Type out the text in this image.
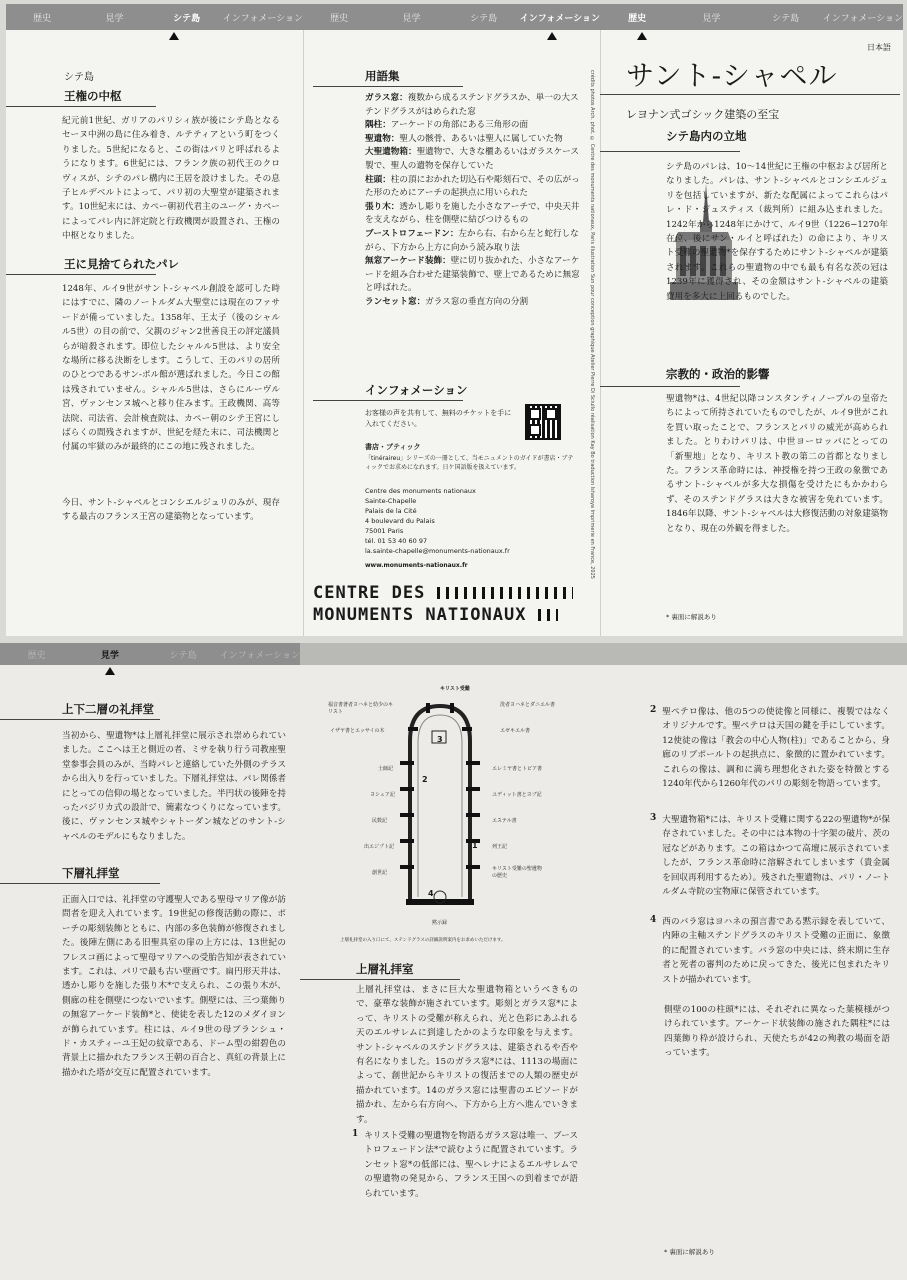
歴史	見学	シテ島	インフォメーション	歴史	見学	シテ島	インフォメーション	歴史	見学	シテ島	インフォメーション
シテ島
王権の中枢

紀元前1世紀、ガリアのパリシィ族が後にシテ島となるセーヌ中洲の島に住み着き、ルテティアという町をつくりました。5世紀になると、この街はパリと呼ばれるようになります。6世紀には、フランク族の初代王のクロヴィスが、シテのパレ構内に王居を設けました。その息子ヒルデベルトによって、パリ初の大聖堂が建築されます。10世紀末には、カペー朝初代君主のユーグ・カペーによってパレ内に評定院と行政機関が設置され、王権の中枢となりました。

王に見捨てられたパレ

1248年、ルイ9世がサント-シャペル創設を認可した時にはすでに、隣のノートルダム大聖堂には現在のファサードが備っていました。1358年、王太子（後のシャルル5世）の目の前で、父親のジャン2世善良王の評定議員らが暗殺されます。即位したシャルル5世は、より安全な場所に移る決断をします。こうして、王のパリの居所のひとつであるサン-ポル館が選ばれました。今日この館は残されていません。シャルル5世は、さらにルーヴル宮、ヴァンセンヌ城へと移り住みます。王政機関、高等法院、司法省、会計検査院は、カペー朝のシテ王宮にしばらくの間残されますが、世紀を経た末に、司法機関と付属の牢獄のみが最終的にこの地に残されました。

今日、サント-シャペルとコンシエルジュリのみが、現存する最古のフランス王宮の建築物となっています。

用語集

ガラス窓：複数から成るステンドグラスか、単一の大ステンドグラスがはめられた窓

隅柱：アーケードの角部にある三角形の面

聖遺物：聖人の骸骨、あるいは聖人に属していた物

大聖遺物箱：聖遺物で、大きな櫃あるいはガラスケース製で、聖人の遺物を保存していた

柱頭：柱の頂におかれた切込石や彫刻石で、その広がった形のためにアーチの起拱点に用いられた

張り木：透かし彫りを施した小さなアーチで、中央天井を支えながら、柱を側壁に結びつけるもの

ブーストロフェードン：左から右、右から左と蛇行しながら、下方から上方に向かう読み取り法

無窓アーケード装飾：壁に切り抜かれた、小さなアーケードを組み合わせた建築装飾で、壁上であるために無窓と呼ばれた。

ランセット窓：ガラス窓の垂直方向の分割

インフォメーション
お客様の声を共有して、無料のチケットを手に入れてください。
書店・ブティック
「tinéraireu」シリーズの一冊として、当モニュメントのガイドが書店・ブティックでお求めになれます。日ケ国語版を扱えています。
Centre des monuments nationaux
Sainte-Chapelle
Palais de la Cité
4 boulevard du Palais
75001 Paris
tél. 01 53 40 60 97
la.sainte-chapelle@monuments-nationaux.fr
www.monuments-nationaux.fr
CENTRE DES
MONUMENTS NATIONAUX
crédits photos Arch. phot. © Centre des monuments nationaux, Paris illustration Sun pour conception graphique Atelier Pierre Di Sciullo réalisation Kay Bo traduction Isharoya Imprimerie en France, 2025
日本語
サント-シャペル
レヨナン式ゴシック建築の至宝
シテ島内の立地

シテ島のパレは、10～14世紀に王権の中枢および居所となりました。パレは、サント-シャペルとコンシエルジュリを包括していますが、新たな配属によってこれらはパレ・ド・ジュスティス（裁判所）に組み込まれました。1242年から1248年にかけて、ルイ9世（1226−1270年在位、後にサン・ルイと呼ばれた）の命により、キリスト受難の聖遺物*を保存するためにサント-シャペルが建築されます。これらの聖遺物の中でも最も有名な茨の冠は1239年に獲得され、その金額はサント-シャペルの建築費用を多大に上回るものでした。

宗教的・政治的影響

聖遺物*は、4世紀以降コンスタンティノープルの皇帝たちによって所持されていたものでしたが、ルイ9世がこれを買い取ったことで、フランスとパリの威光が高められました。とりわけパリは、中世ヨーロッパにとっての「新聖地」となり、キリスト教の第二の首都となりました。フランス革命時には、神授権を持つ王政の象徴であるサント-シャペルが多大な損傷を受けたにもかかわらず、そのステンドグラスは大きな被害を免れています。1846年以降、サント-シャペルは大修復活動の対象建築物となり、現在の外観を得ました。

* 裏面に解説あり
歴史	見学	シテ島	インフォメーション
上下二層の礼拝堂

当初から、聖遺物*は上層礼拝堂に展示され崇められていました。ここへは王と側近の者、ミサを執り行う司教座聖堂参事会員のみが、当時パレと連絡していた外側のテラスから出入りを行っていました。下層礼拝堂は、パレ関係者にとっての信仰の場となっていました。半円状の後陣を持ったバジリカ式の設計で、簡素なつくりになっています。後に、ヴァンセンヌ城やシャトーダン城などのサント-シャペルのモデルにもなりました。

下層礼拝堂

正面入口では、礼拝堂の守護聖人である聖母マリア像が訪問者を迎え入れています。19世紀の修復活動の際に、ポーチの彫刻装飾とともに、内部の多色装飾が修復されました。後陣左側にある旧聖具室の扉の上方には、13世紀のフレスコ画によって聖母マリアへの受胎告知が表されています。これは、パリで最も古い壁画です。扁円形天井は、透かし彫りを施した張り木*で支えられ、この張り木が、側廊の柱を側壁につないでいます。側壁には、三つ葉飾りの無窓アーケード装飾*と、使徒を表した12のメダイヨンが飾られています。柱には、ルイ9世の母ブランシュ・ド・カスティーユ王妃の紋章である、ドーム型の紺碧色の背景上に描かれたフランス王朝の百合と、真紅の背景上に描かれた塔が交互に配置されています。

キリスト受難
福音書著者ヨハネと幼少のキリスト
イザヤ書とエッサイの木
洗者ヨハネとダニエル書
エゼキエル書
士師記
ヨシュア記
民数記
出エジプト記
創世記
エレミヤ書とトビア書
ユディット書とヨブ記
エステル書
列王記
キリスト受難の聖遺物の歴史
黙示録
1
2
3
4
上層礼拝堂の入り口にて、ステンドグラスの詳細説明案内をお求めいただけます。
上層礼拝室

上層礼拝堂は、まさに巨大な聖遺物箱というべきもので、豪華な装飾が施されています。彫刻とガラス窓*によって、キリストの受難が称えられ、光と色彩にあふれる天のエルサレムに到達したかのような印象を与えます。サント-シャペルのステンドグラスは、建築されるや否や有名になりました。15のガラス窓*には、1113の場面によって、創世記からキリストの復活までの人類の歴史が描かれています。14のガラス窓には聖書のエピソードが描かれ、左から右方向へ、下方から上方へ進んでいきます。

1 キリスト受難の聖遺物を物語るガラス窓は唯一、ブーストロフェードン法*で読むように配置されています。ランセット窓*の低部には、聖ヘレナによるエルサレムでの聖遺物の発見から、フランス王国への到着までが語られています。

2 聖ペテロ像は、他の5つの使徒像と同様に、複製ではなくオリジナルです。聖ペテロは天国の鍵を手にしています。12使徒の像は「教会の中心人物(柱)」であることから、身廊のリブポールトの起拱点に、象徴的に置かれています。これらの像は、調和に満ち理想化された姿を特徴とする1240年代から1260年代のパリの彫刻を物語っています。

3 大聖遺物箱*には、キリスト受難に関する22の聖遺物*が保存されていました。その中には本物の十字架の破片、茨の冠などがあります。この箱はかつて高壇に展示されていましたが、フランス革命時に溶解されてしまいます（貴金属を回収再利用するため）。残された聖遺物は、パリ・ノートルダム寺院の宝物庫に保管されています。

4 西のバラ窓はヨハネの預言書である黙示録を表していて、内陣の主軸ステンドグラスのキリスト受難の正面に、象徴的に配置されています。バラ窓の中央には、終末期に生存者と死者の審判のために戻ってきた、後光に包まれたキリストが描かれています。

側壁の100の柱頭*には、それぞれに異なった葉模様がつけられています。アーケード状装飾の施された隅柱*には四葉飾り枠が設けられ、天使たちが42の殉教の場面を語っています。

* 裏面に解説あり
